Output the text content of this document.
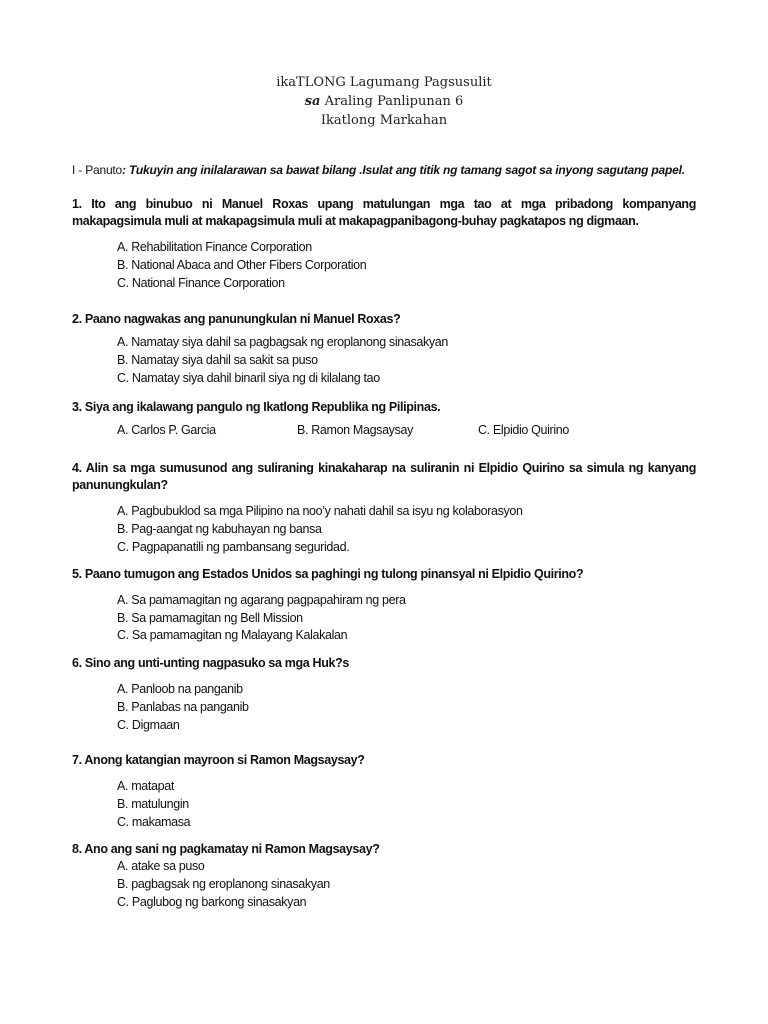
ikaTLONG Lagumang Pagsusulit
sa Araling Panlipunan 6
Ikatlong Markahan
I - Panuto: Tukuyin ang inilalarawan sa bawat bilang .Isulat ang titik ng tamang sagot sa inyong sagutang papel.
1. Ito ang binubuo ni Manuel Roxas upang matulungan mga tao at mga pribadong kompanyang makapagsimula muli at makapagsimula muli at makapagpanibagong-buhay pagkatapos ng digmaan.
A. Rehabilitation Finance Corporation
B. National Abaca and Other Fibers Corporation
C. National Finance Corporation
2. Paano nagwakas ang panunungkulan ni Manuel Roxas?
A. Namatay siya dahil sa pagbagsak ng eroplanong sinasakyan
B. Namatay siya dahil sa sakit sa puso
C. Namatay siya dahil binaril siya ng di kilalang tao
3. Siya ang ikalawang pangulo ng Ikatlong Republika ng Pilipinas.
A. Carlos P. Garcia	B. Ramon Magsaysay	C. Elpidio Quirino
4. Alin sa mga sumusunod ang suliraning kinakaharap na suliranin ni Elpidio Quirino sa simula ng kanyang panunungkulan?
A. Pagbubuklod sa mga Pilipino na noo’y nahati dahil sa isyu ng kolaborasyon
B. Pag-aangat ng kabuhayan ng bansa
C. Pagpapanatili ng pambansang seguridad.
5. Paano tumugon ang Estados Unidos sa paghingi ng tulong pinansyal ni Elpidio Quirino?
A. Sa pamamagitan ng agarang pagpapahiram ng pera
B. Sa pamamagitan ng Bell Mission
C. Sa pamamagitan ng Malayang Kalakalan
6. Sino ang unti-unting nagpasuko sa mga Huk?s
A. Panloob na panganib
B. Panlabas na panganib
C. Digmaan
7. Anong katangian mayroon si Ramon Magsaysay?
A. matapat
B. matulungin
C. makamasa
8. Ano ang sani ng pagkamatay ni Ramon Magsaysay?
A. atake sa puso
B. pagbagsak ng eroplanong sinasakyan
C. Paglubog ng barkong sinasakyan
